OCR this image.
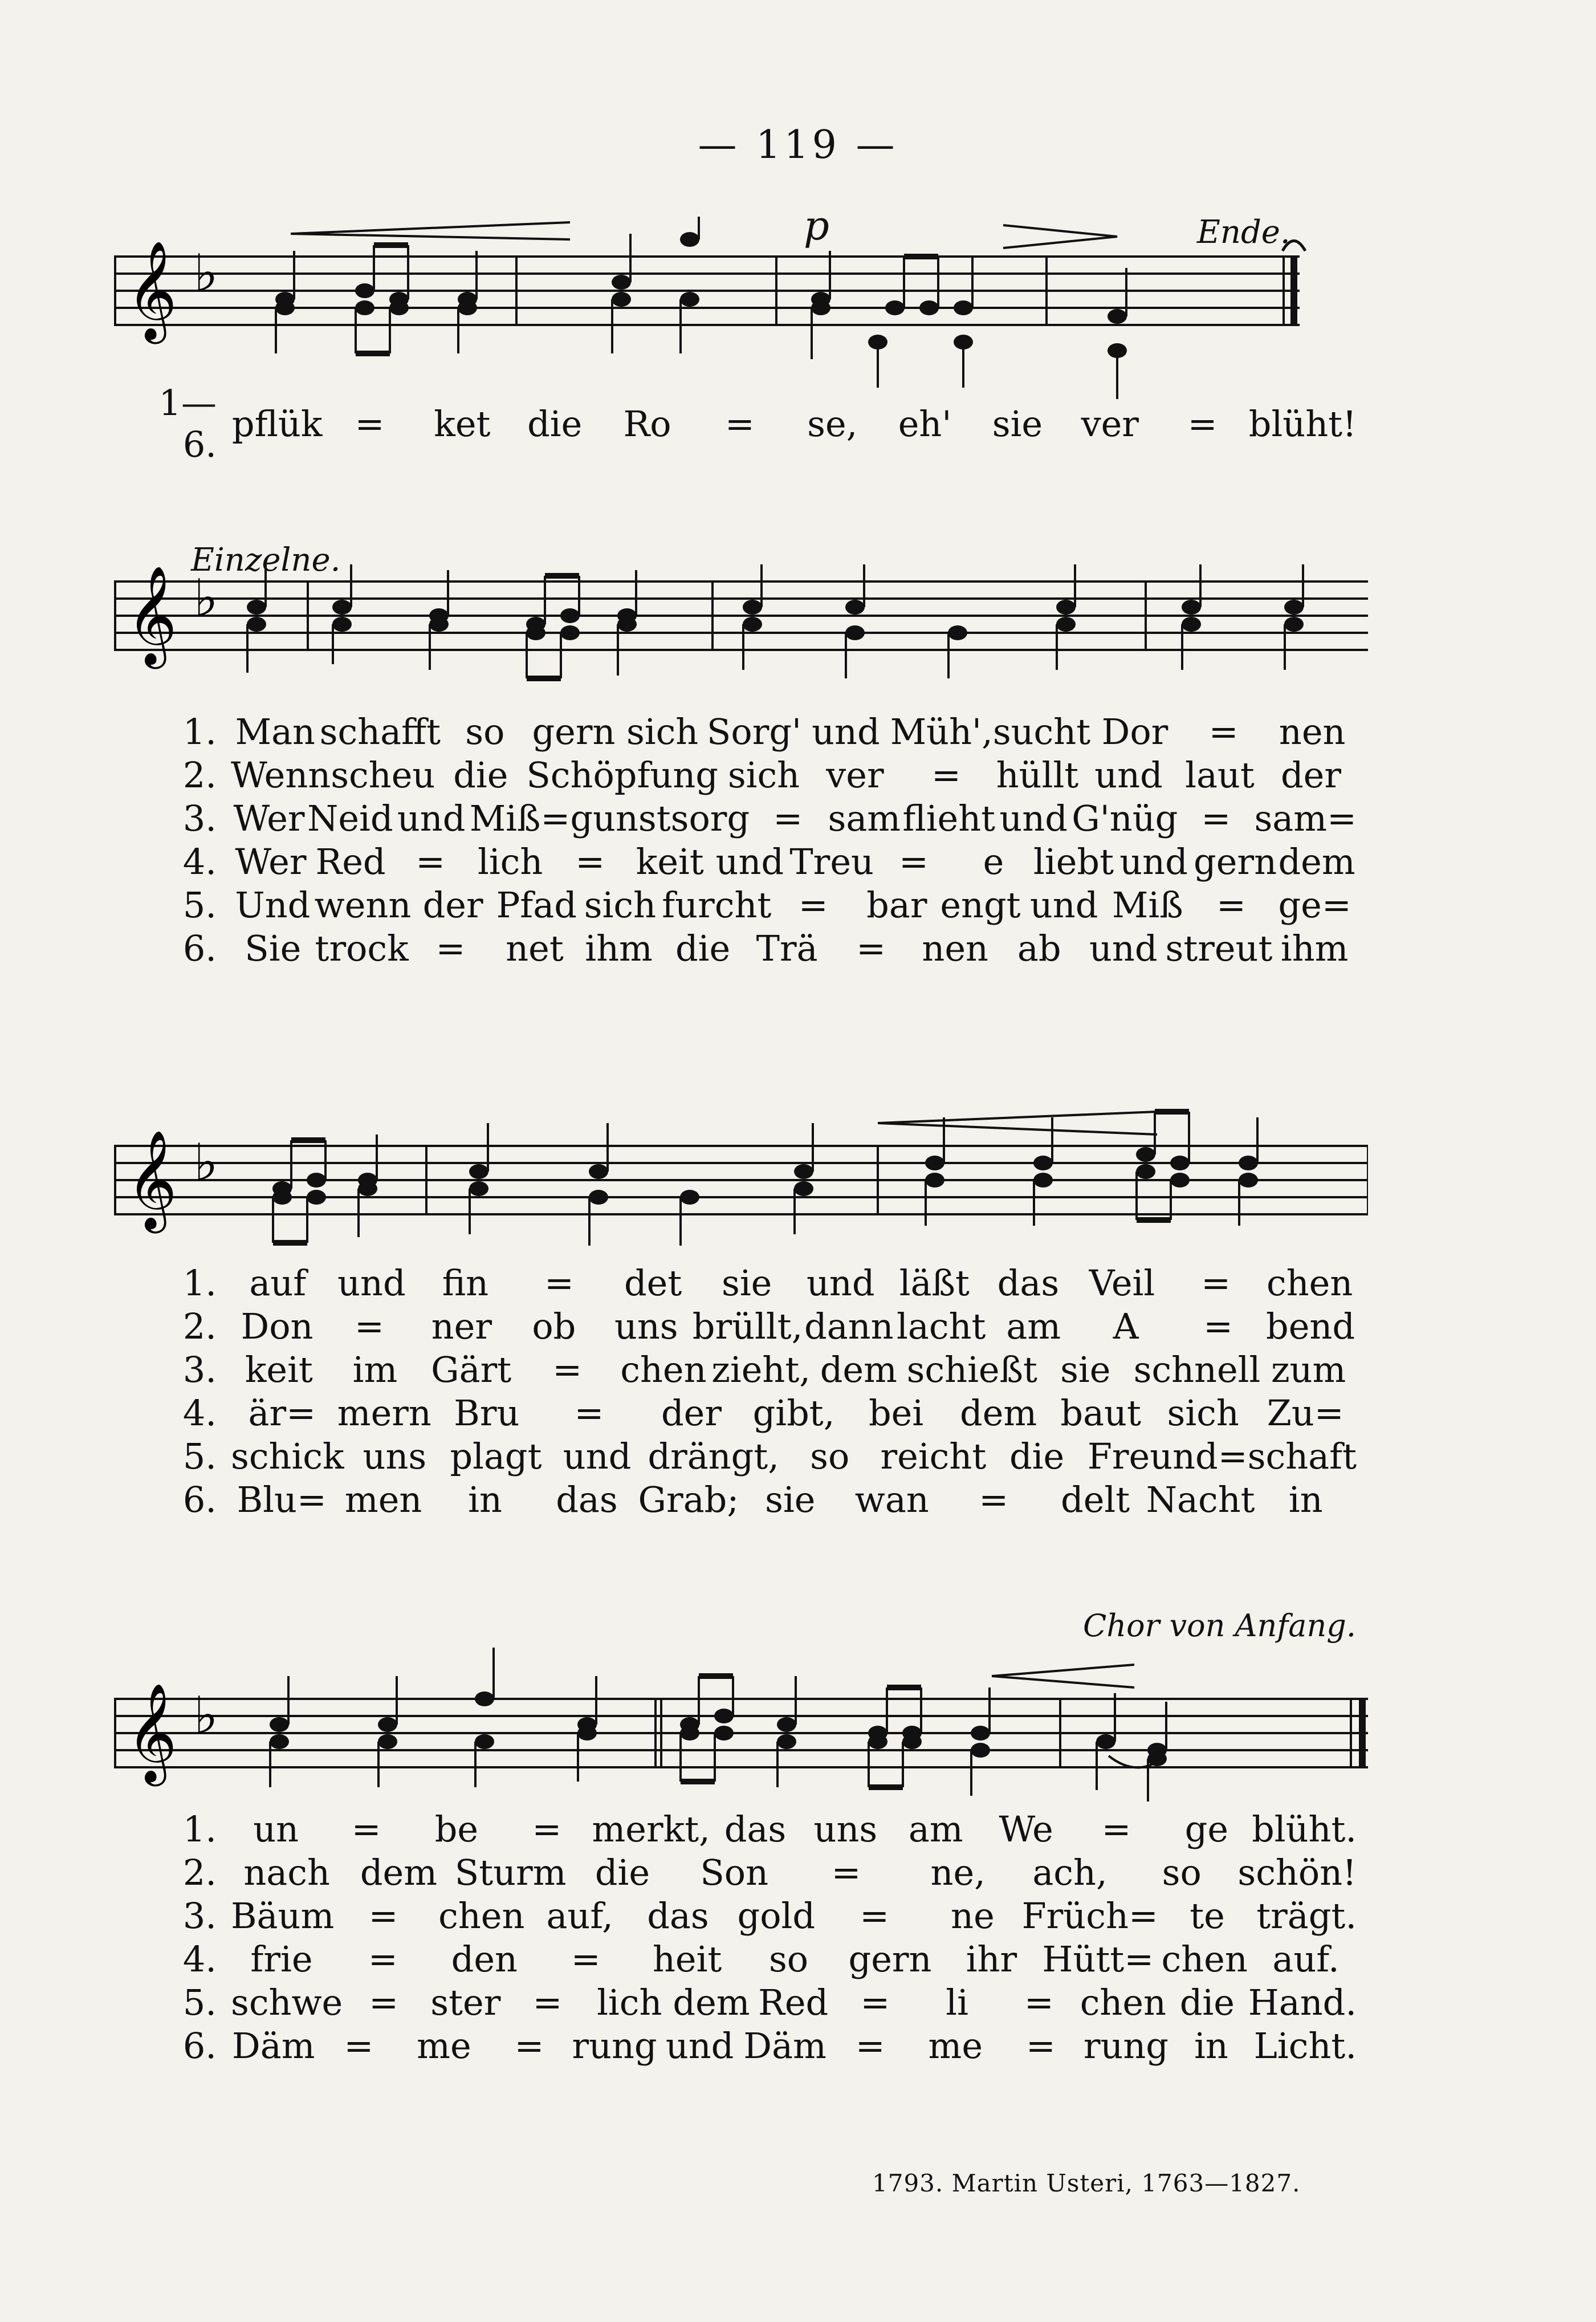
— 119 —
𝄞 ♭
p	Ende.
1—6. pflük =	ket	die	Ro	=	se,	eh'	sie	ver	= blüht!
Einzelne.
𝄞 ♭
1. Man schafft so gern sich Sorg' und Müh', sucht Dor	=	nen
2. Wenn scheu die Schöpfung sich ver	= hüllt und laut der
3. Wer Neid und Miß=gunst sorg = sam flieht und G'nüg = sam=
4. Wer Red = lich = keit und Treu =	e liebt und gern dem
5. Und wenn der Pfad sich furcht =	bar engt und Miß = ge=
6. Sie trock =	net ihm die Trä	=	nen ab und streut ihm
𝄞 ♭
1. auf und	fin	=	det	sie und läßt das Veil	=	chen
2. Don	=	ner	ob	uns brüllt, dann lacht am	A	= bend
3. keit	im Gärt	=	chen zieht, dem schießt sie schnell zum
4. är= mern Bru	=	der gibt, bei	dem baut sich Zu=
5. schick uns plagt und drängt, so reicht die Freund= schaft
6. Blu= men	in	das Grab; sie	wan	=	delt Nacht in
Chor von Anfang.
𝄞 ♭
1.	un	=	be	= merkt, das uns am	We	=	ge blüht.
2. nach dem Sturm die	Son	=	ne,	ach,	so	schön!
3. Bäum =	chen auf, das gold	=	ne Früch= te trägt.
4. frie	=	den	=	heit	so	gern ihr Hütt= chen auf.
5. schwe = ster = lich dem Red =	li	= chen die Hand.
6. Däm =	me	= rung und Däm =	me	= rung in Licht.
1793. Martin Usteri, 1763—1827.
